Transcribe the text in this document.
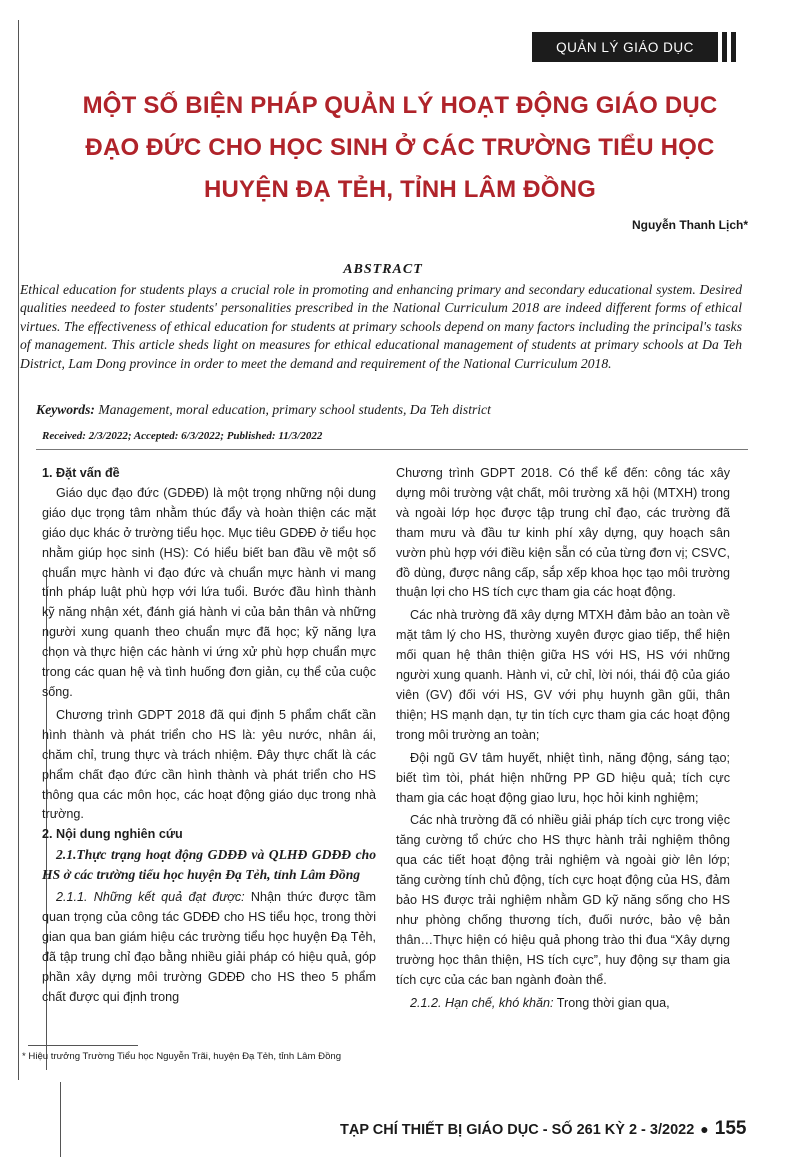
QUẢN LÝ GIÁO DỤC
MỘT SỐ BIỆN PHÁP QUẢN LÝ HOẠT ĐỘNG GIÁO DỤC
ĐẠO ĐỨC CHO HỌC SINH Ở CÁC TRƯỜNG TIỂU HỌC
HUYỆN ĐẠ TẺH, TỈNH LÂM ĐỒNG
Nguyễn Thanh Lịch*
ABSTRACT
Ethical education for students plays a crucial role in promoting and enhancing primary and secondary educational system. Desired qualities needeed to foster students' personalities prescribed in the National Curriculum 2018 are indeed different forms of ethical virtues. The effectiveness of ethical education for students at primary schools depend on many factors including the principal's tasks of management. This article sheds light on measures for ethical educational management of students at primary schools at Da Teh District, Lam Dong province in order to meet the demand and requirement of the National Curriculum 2018.
Keywords: Management, moral education, primary school students, Da Teh district
Received: 2/3/2022; Accepted: 6/3/2022; Published: 11/3/2022
1. Đặt vấn đề

Giáo dục đạo đức (GDĐĐ) là một trọng những nội dung giáo dục trọng tâm nhằm thúc đẩy và hoàn thiện các mặt giáo dục khác ở trường tiểu học. Mục tiêu GDĐĐ ở tiểu học nhằm giúp học sinh (HS): Có hiểu biết ban đầu về một số chuẩn mực hành vi đạo đức và chuẩn mực hành vi mang tính pháp luật phù hợp với lứa tuổi. Bước đầu hình thành kỹ năng nhận xét, đánh giá hành vi của bản thân và những người xung quanh theo chuẩn mực đã học; kỹ năng lựa chọn và thực hiện các hành vi ứng xử phù hợp chuẩn mực trong các quan hệ và tình huống đơn giản, cụ thể của cuộc sống.

Chương trình GDPT 2018 đã qui định 5 phẩm chất cần hình thành và phát triển cho HS là: yêu nước, nhân ái, chăm chỉ, trung thực và trách nhiệm. Đây thực chất là các phẩm chất đạo đức cần hình thành và phát triển cho HS thông qua các môn học, các hoạt động giáo dục trong nhà trường.

2. Nội dung nghiên cứu

2.1.Thực trạng hoạt động GDĐĐ và QLHĐ GDĐĐ cho HS ở các trường tiểu học huyện Đạ Tẻh, tỉnh Lâm Đồng

2.1.1. Những kết quả đạt được: Nhận thức được tầm quan trọng của công tác GDĐĐ cho HS tiểu học, trong thời gian qua ban giám hiệu các trường tiểu học huyện Đạ Tẻh, đã tập trung chỉ đạo bằng nhiều giải pháp có hiệu quả, góp phần xây dựng môi trường GDĐĐ cho HS theo 5 phẩm chất được qui định trong

* Hiệu trưởng Trường Tiểu học Nguyễn Trãi, huyện Đạ Tẻh, tỉnh Lâm Đồng

Chương trình GDPT 2018. Có thể kể đến: công tác xây dựng môi trường vật chất, môi trường xã hội (MTXH) trong và ngoài lớp học được tập trung chỉ đạo, các trường đã tham mưu và đầu tư kinh phí xây dựng, quy hoạch sân vườn phù hợp với điều kiện sẵn có của từng đơn vị; CSVC, đồ dùng, được nâng cấp, sắp xếp khoa học tạo môi trường thuận lợi cho HS tích cực tham gia các hoạt động.

Các nhà trường đã xây dựng MTXH đảm bảo an toàn về mặt tâm lý cho HS, thường xuyên được giao tiếp, thể hiện mối quan hệ thân thiện giữa HS với HS, HS với những người xung quanh. Hành vi, cử chỉ, lời nói, thái độ của giáo viên (GV) đối với HS, GV với phụ huynh gần gũi, thân thiện; HS mạnh dạn, tự tin tích cực tham gia các hoạt động trong môi trường an toàn;

Đội ngũ GV tâm huyết, nhiệt tình, năng động, sáng tạo; biết tìm tòi, phát hiện những PP GD hiệu quả; tích cực tham gia các hoạt động giao lưu, học hỏi kinh nghiệm;

Các nhà trường đã có nhiều giải pháp tích cực trong việc tăng cường tổ chức cho HS thực hành trải nghiệm thông qua các tiết hoạt động trải nghiệm và ngoài giờ lên lớp; tăng cường tính chủ động, tích cực hoạt động của HS, đảm bảo HS được trải nghiệm nhằm GD kỹ năng sống cho HS như phòng chống thương tích, đuối nước, bảo vệ bản thân…Thực hiện có hiệu quả phong trào thi đua “Xây dựng trường học thân thiện, HS tích cực”, huy động sự tham gia tích cực của các ban ngành đoàn thể.

2.1.2. Hạn chế, khó khăn: Trong thời gian qua,

TẠP CHÍ THIẾT BỊ GIÁO DỤC - SỐ 261 KỲ 2 - 3/2022 ● 155
